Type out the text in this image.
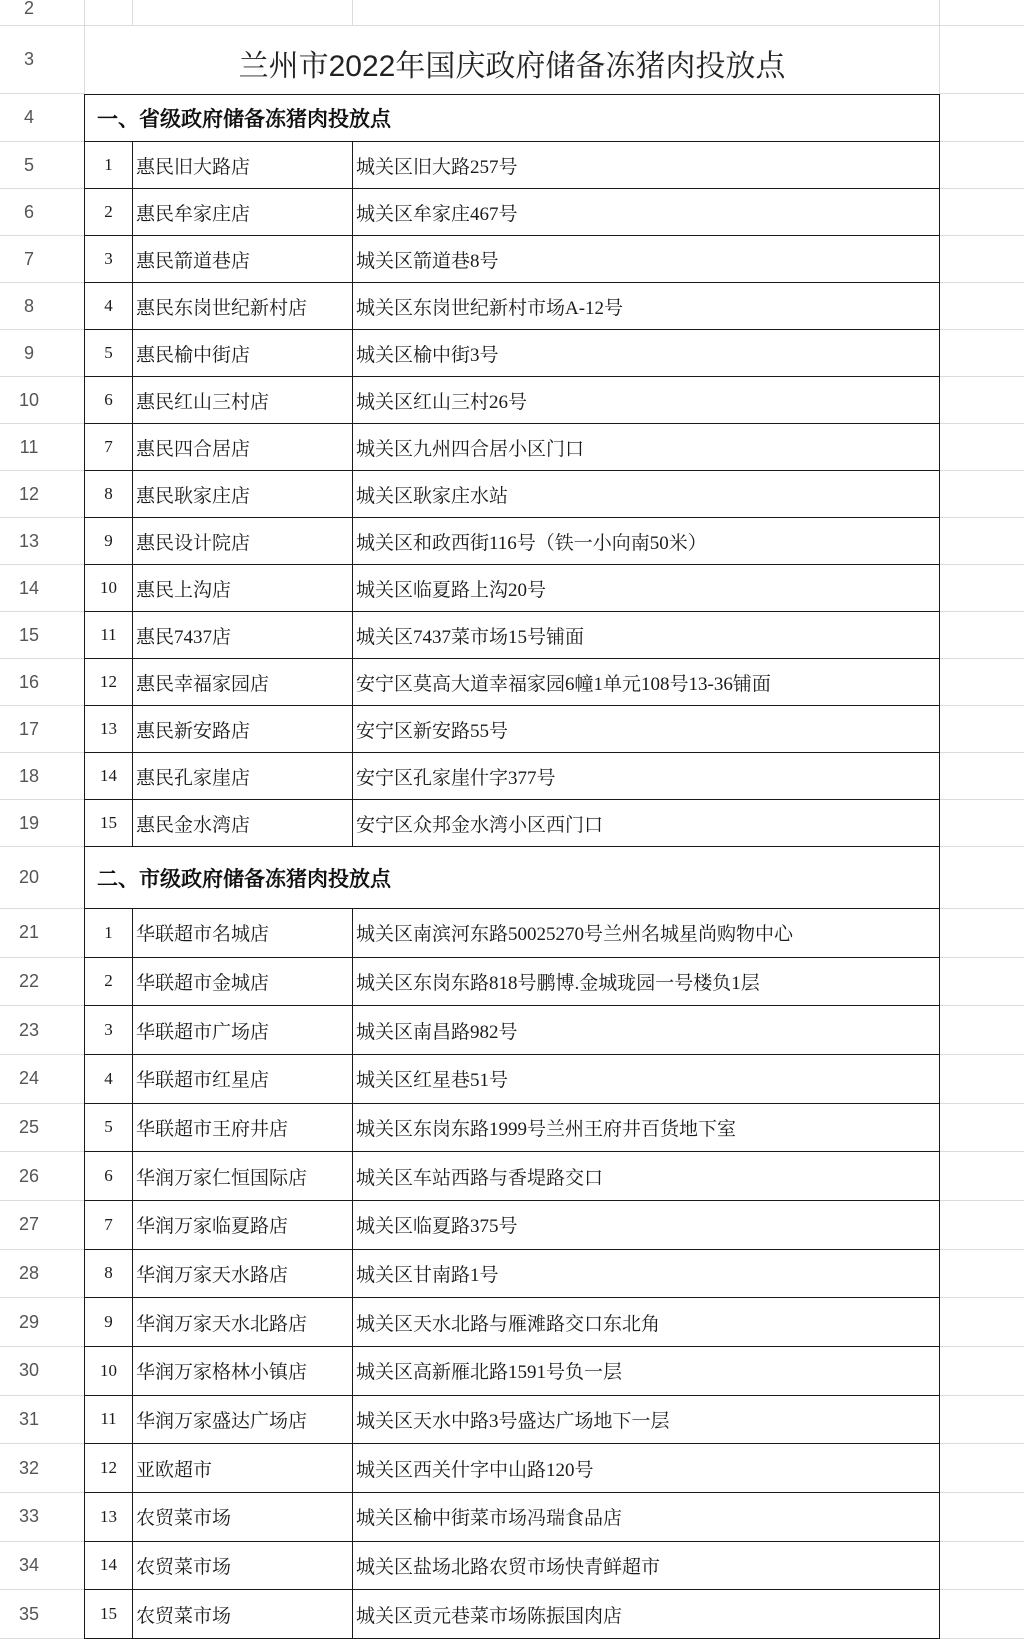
2
3	兰州市2022年国庆政府储备冻猪肉投放点
4	一、省级政府储备冻猪肉投放点
5	1	惠民旧大路店	城关区旧大路257号
6	2	惠民牟家庄店	城关区牟家庄467号
7	3	惠民箭道巷店	城关区箭道巷8号
8	4	惠民东岗世纪新村店	城关区东岗世纪新村市场A-12号
9	5	惠民榆中街店	城关区榆中街3号
10	6	惠民红山三村店	城关区红山三村26号
11	7	惠民四合居店	城关区九州四合居小区门口
12	8	惠民耿家庄店	城关区耿家庄水站
13	9	惠民设计院店	城关区和政西街116号（铁一小向南50米）
14	10	惠民上沟店	城关区临夏路上沟20号
15	11	惠民7437店	城关区7437菜市场15号铺面
16	12	惠民幸福家园店	安宁区莫高大道幸福家园6幢1单元108号13-36铺面
17	13	惠民新安路店	安宁区新安路55号
18	14	惠民孔家崖店	安宁区孔家崖什字377号
19	15	惠民金水湾店	安宁区众邦金水湾小区西门口
20	二、市级政府储备冻猪肉投放点
21	1	华联超市名城店	城关区南滨河东路50025270号兰州名城星尚购物中心
22	2	华联超市金城店	城关区东岗东路818号鹏博.金城珑园一号楼负1层
23	3	华联超市广场店	城关区南昌路982号
24	4	华联超市红星店	城关区红星巷51号
25	5	华联超市王府井店	城关区东岗东路1999号兰州王府井百货地下室
26	6	华润万家仁恒国际店	城关区车站西路与香堤路交口
27	7	华润万家临夏路店	城关区临夏路375号
28	8	华润万家天水路店	城关区甘南路1号
29	9	华润万家天水北路店	城关区天水北路与雁滩路交口东北角
30	10	华润万家格林小镇店	城关区高新雁北路1591号负一层
31	11	华润万家盛达广场店	城关区天水中路3号盛达广场地下一层
32	12	亚欧超市	城关区西关什字中山路120号
33	13	农贸菜市场	城关区榆中街菜市场冯瑞食品店
34	14	农贸菜市场	城关区盐场北路农贸市场快青鲜超市
35	15	农贸菜市场	城关区贡元巷菜市场陈振国肉店
